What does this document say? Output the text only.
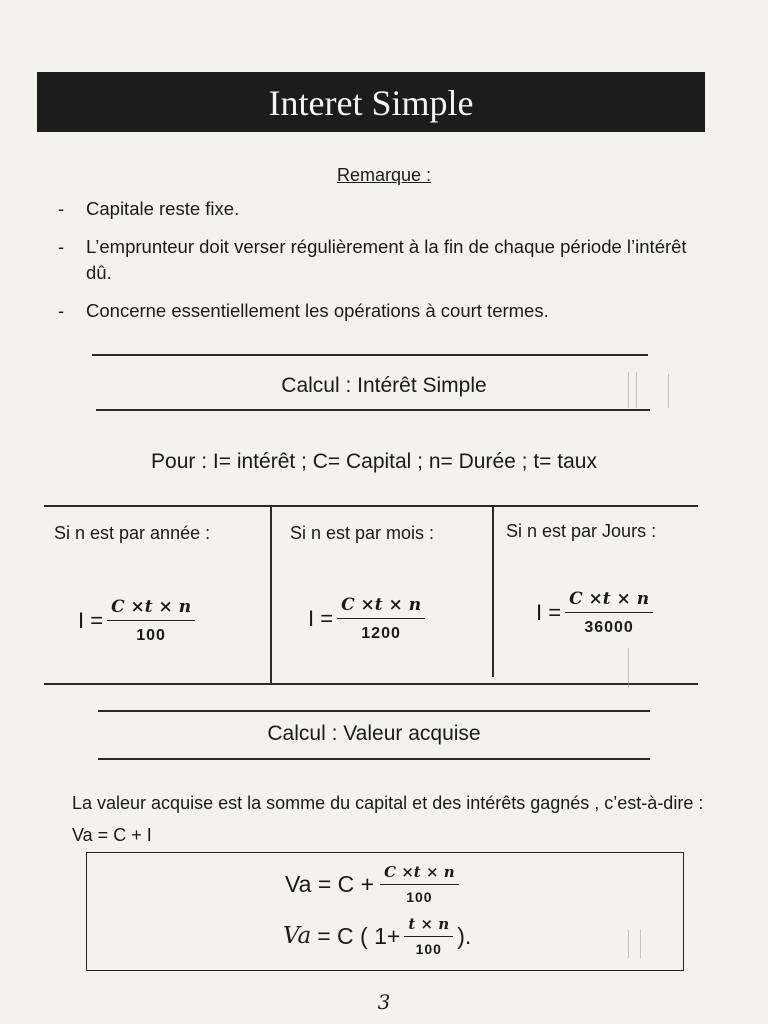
Interet Simple
Remarque :
-	Capitale reste fixe.
-	L’emprunteur doit verser régulièrement à la fin de chaque période l’intérêt dû.
-	Concerne essentiellement les opérations à court termes.
Calcul : Intérêt Simple
Pour : I= intérêt ; C= Capital ; n= Durée ; t= taux
Si n est par année :
$I = \frac{C \times t \times n}{100}$
Si n est par mois :
$I = \frac{C \times t \times n}{1200}$
Si n est par Jours :
$I = \frac{C \times t \times n}{36000}$
Calcul : Valeur acquise
La valeur acquise est la somme du capital et des intérêts gagnés , c’est-à-dire : Va = C + I
$Va = C + \frac{C \times t \times n}{100}$
Va = C ( $1+ \frac{t \times n}{100}$ ).
3
